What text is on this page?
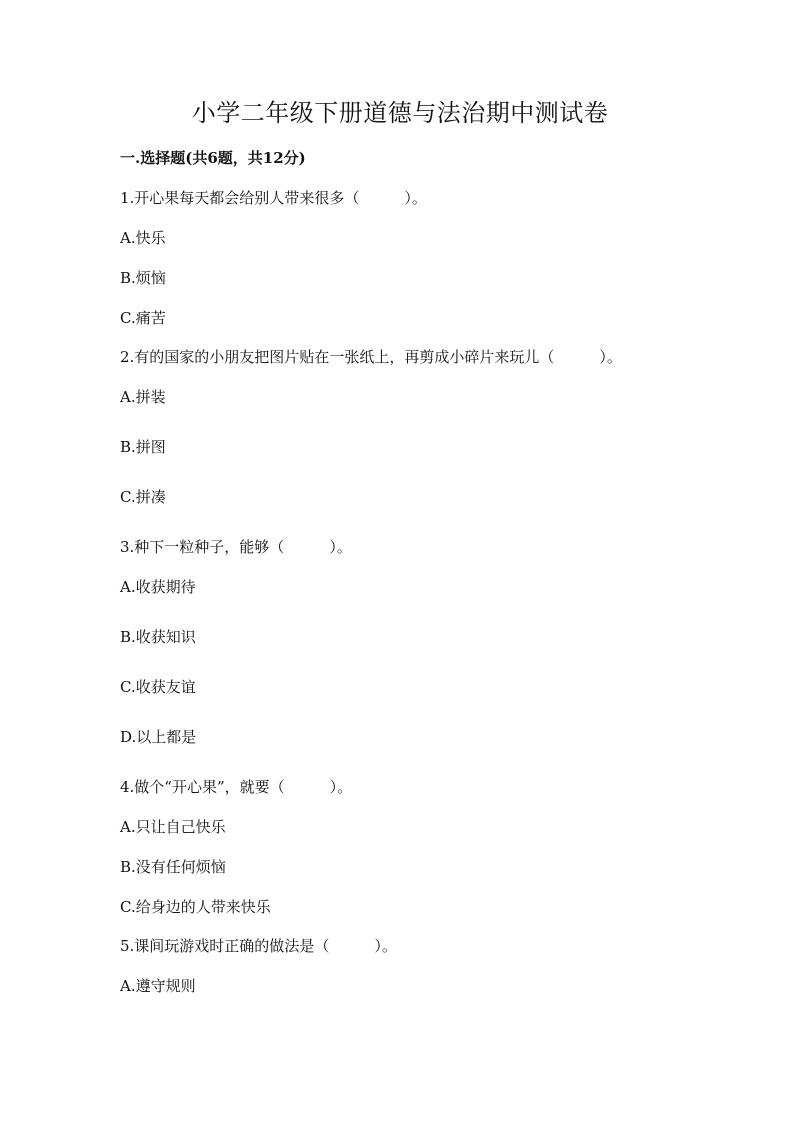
小学二年级下册道德与法治期中测试卷
一.选择题(共6题，共12分)
1.开心果每天都会给别人带来很多（　　　）。
A.快乐
B.烦恼
C.痛苦
2.有的国家的小朋友把图片贴在一张纸上，再剪成小碎片来玩儿（　　　）。
A.拼装
B.拼图
C.拼凑
3.种下一粒种子，能够（　　　）。
A.收获期待
B.收获知识
C.收获友谊
D.以上都是
4.做个“开心果”，就要（　　　）。
A.只让自己快乐
B.没有任何烦恼
C.给身边的人带来快乐
5.课间玩游戏时正确的做法是（　　　）。
A.遵守规则
